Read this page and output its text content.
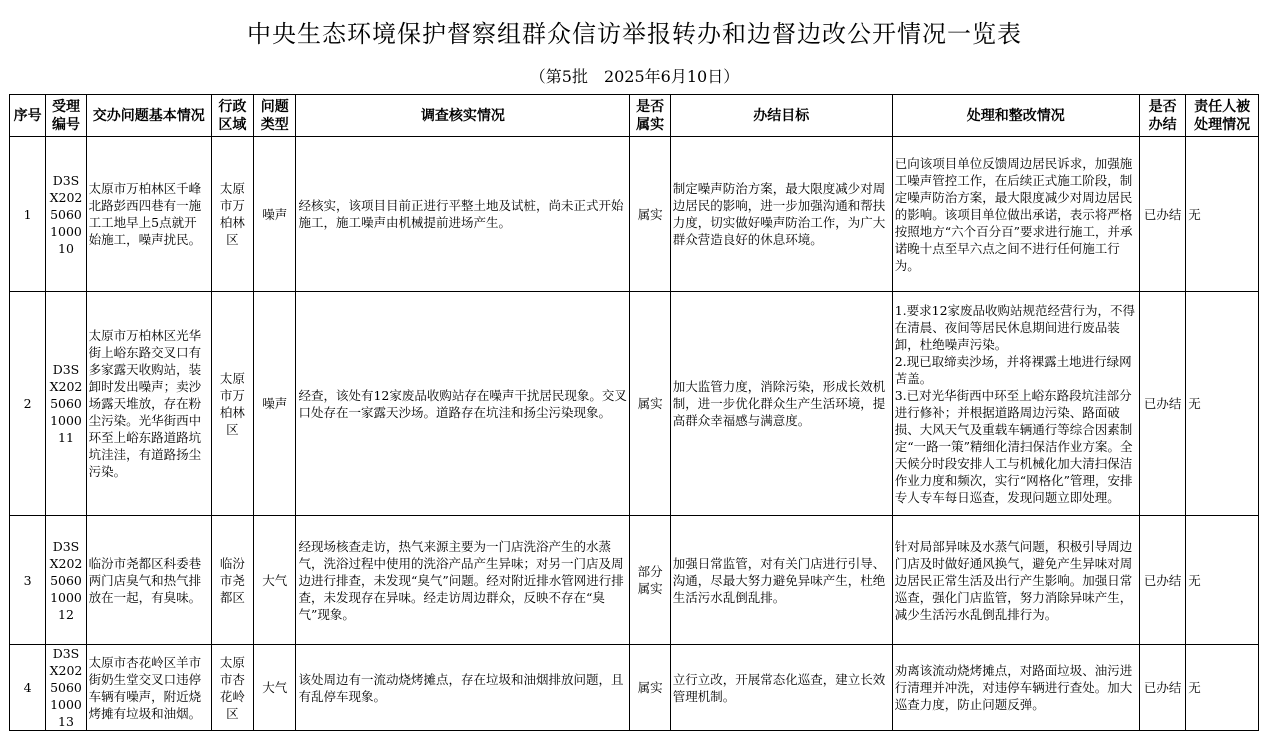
中央生态环境保护督察组群众信访举报转办和边督边改公开情况一览表
（第5批　2025年6月10日）
序号	受理编号	交办问题基本情况	行政区域	问题类型	调查核实情况	是否属实	办结目标	处理和整改情况	是否办结	责任人被处理情况
1	D3SX2025060100010	太原市万柏林区千峰北路彭西四巷有一施工工地早上5点就开始施工，噪声扰民。	太原市万柏林区	噪声	经核实，该项目目前正进行平整土地及试桩，尚未正式开始施工，施工噪声由机械提前进场产生。	属实	制定噪声防治方案，最大限度减少对周边居民的影响，进一步加强沟通和帮扶力度，切实做好噪声防治工作，为广大群众营造良好的休息环境。	已向该项目单位反馈周边居民诉求，加强施工噪声管控工作，在后续正式施工阶段，制定噪声防治方案，最大限度减少对周边居民的影响。该项目单位做出承诺，表示将严格按照地方“六个百分百”要求进行施工，并承诺晚十点至早六点之间不进行任何施工行为。	已办结	无
2	D3SX2025060100011	太原市万柏林区光华街上峪东路交叉口有多家露天收购站，装卸时发出噪声；卖沙场露天堆放，存在粉尘污染。光华街西中环至上峪东路道路坑坑洼洼，有道路扬尘污染。	太原市万柏林区	噪声	经查，该处有12家废品收购站存在噪声干扰居民现象。交叉口处存在一家露天沙场。道路存在坑洼和扬尘污染现象。	属实	加大监管力度，消除污染，形成长效机制，进一步优化群众生产生活环境，提高群众幸福感与满意度。	1.要求12家废品收购站规范经营行为，不得在清晨、夜间等居民休息期间进行废品装卸，杜绝噪声污染。
2.现已取缔卖沙场，并将裸露土地进行绿网苫盖。
3.已对光华街西中环至上峪东路段坑洼部分进行修补；并根据道路周边污染、路面破损、大风天气及重载车辆通行等综合因素制定“一路一策”精细化清扫保洁作业方案。全天候分时段安排人工与机械化加大清扫保洁作业力度和频次，实行“网格化”管理，安排专人专车每日巡查，发现问题立即处理。	已办结	无
3	D3SX2025060100012	临汾市尧都区科委巷两门店臭气和热气排放在一起，有臭味。	临汾市尧都区	大气	经现场核查走访，热气来源主要为一门店洗浴产生的水蒸气，洗浴过程中使用的洗浴产品产生异味；对另一门店及周边进行排查，未发现“臭气”问题。经对附近排水管网进行排查，未发现存在异味。经走访周边群众，反映不存在“臭气”现象。	部分属实	加强日常监管，对有关门店进行引导、沟通，尽最大努力避免异味产生，杜绝生活污水乱倒乱排。	针对局部异味及水蒸气问题，积极引导周边门店及时做好通风换气，避免产生异味对周边居民正常生活及出行产生影响。加强日常巡查，强化门店监管，努力消除异味产生，减少生活污水乱倒乱排行为。	已办结	无
4	D3SX2025060100013	太原市杏花岭区羊市街奶生堂交叉口违停车辆有噪声，附近烧烤摊有垃圾和油烟。	太原市杏花岭区	大气	该处周边有一流动烧烤摊点，存在垃圾和油烟排放问题，且有乱停车现象。	属实	立行立改，开展常态化巡查，建立长效管理机制。	劝离该流动烧烤摊点，对路面垃圾、油污进行清理并冲洗，对违停车辆进行查处。加大巡查力度，防止问题反弹。	已办结	无
